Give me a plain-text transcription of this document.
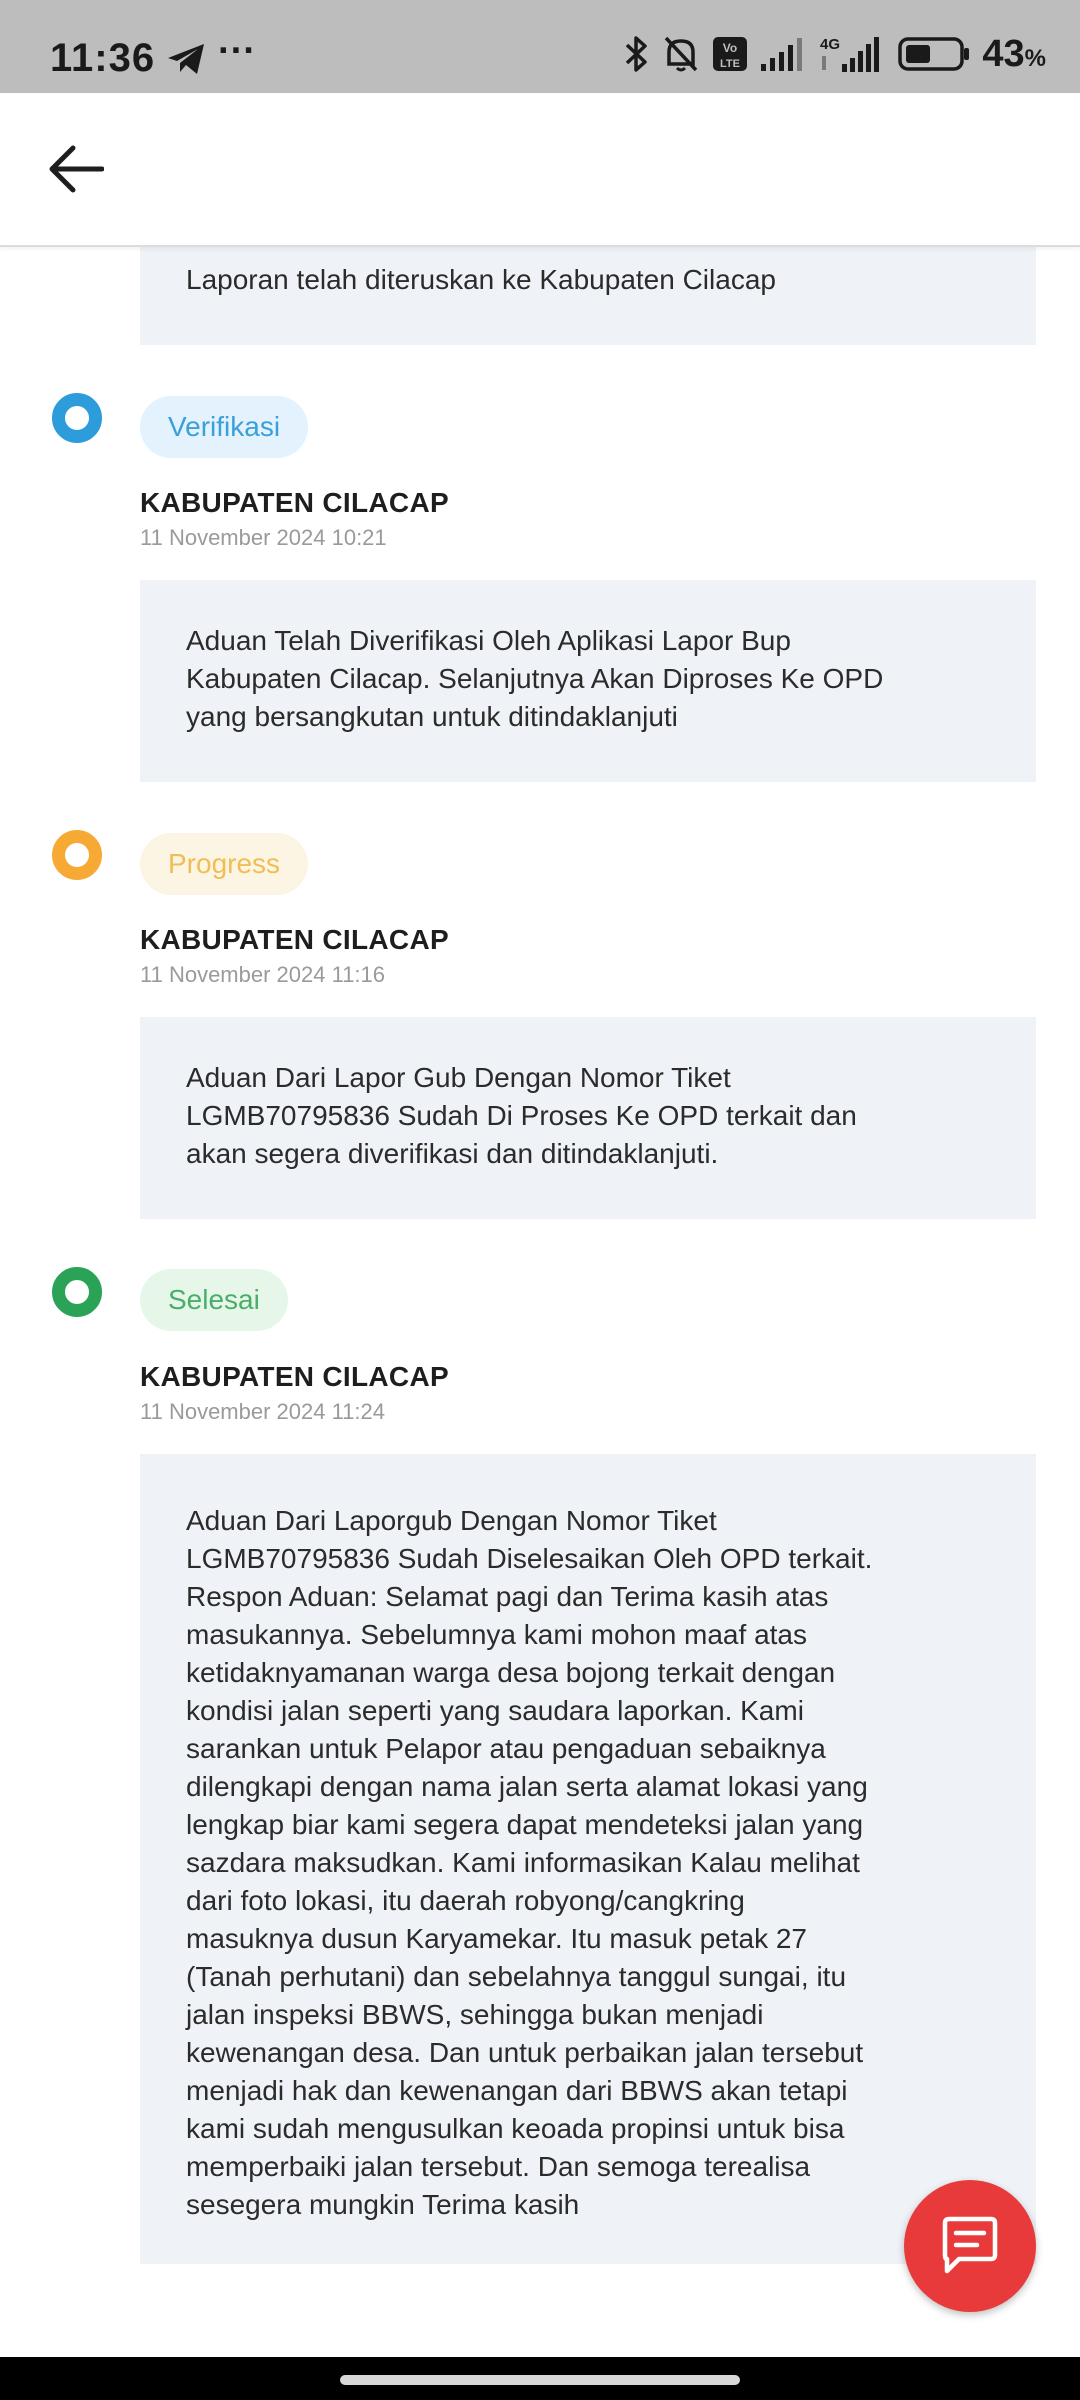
11:36 ···	Vo
LTE
4G	43%
Laporan telah diteruskan ke Kabupaten Cilacap
Verifikasi
KABUPATEN CILACAP
11 November 2024 10:21
Aduan Telah Diverifikasi Oleh Aplikasi Lapor Bup
Kabupaten Cilacap. Selanjutnya Akan Diproses Ke OPD
yang bersangkutan untuk ditindaklanjuti
Progress
KABUPATEN CILACAP
11 November 2024 11:16
Aduan Dari Lapor Gub Dengan Nomor Tiket
LGMB70795836 Sudah Di Proses Ke OPD terkait dan
akan segera diverifikasi dan ditindaklanjuti.
Selesai
KABUPATEN CILACAP
11 November 2024 11:24
Aduan Dari Laporgub Dengan Nomor Tiket
LGMB70795836 Sudah Diselesaikan Oleh OPD terkait.
Respon Aduan: Selamat pagi dan Terima kasih atas
masukannya. Sebelumnya kami mohon maaf atas
ketidaknyamanan warga desa bojong terkait dengan
kondisi jalan seperti yang saudara laporkan. Kami
sarankan untuk Pelapor atau pengaduan sebaiknya
dilengkapi dengan nama jalan serta alamat lokasi yang
lengkap biar kami segera dapat mendeteksi jalan yang
sazdara maksudkan. Kami informasikan Kalau melihat
dari foto lokasi, itu daerah robyong/cangkring
masuknya dusun Karyamekar. Itu masuk petak 27
(Tanah perhutani) dan sebelahnya tanggul sungai, itu
jalan inspeksi BBWS, sehingga bukan menjadi
kewenangan desa. Dan untuk perbaikan jalan tersebut
menjadi hak dan kewenangan dari BBWS akan tetapi
kami sudah mengusulkan keoada propinsi untuk bisa
memperbaiki jalan tersebut. Dan semoga terealisa
sesegera mungkin Terima kasih
